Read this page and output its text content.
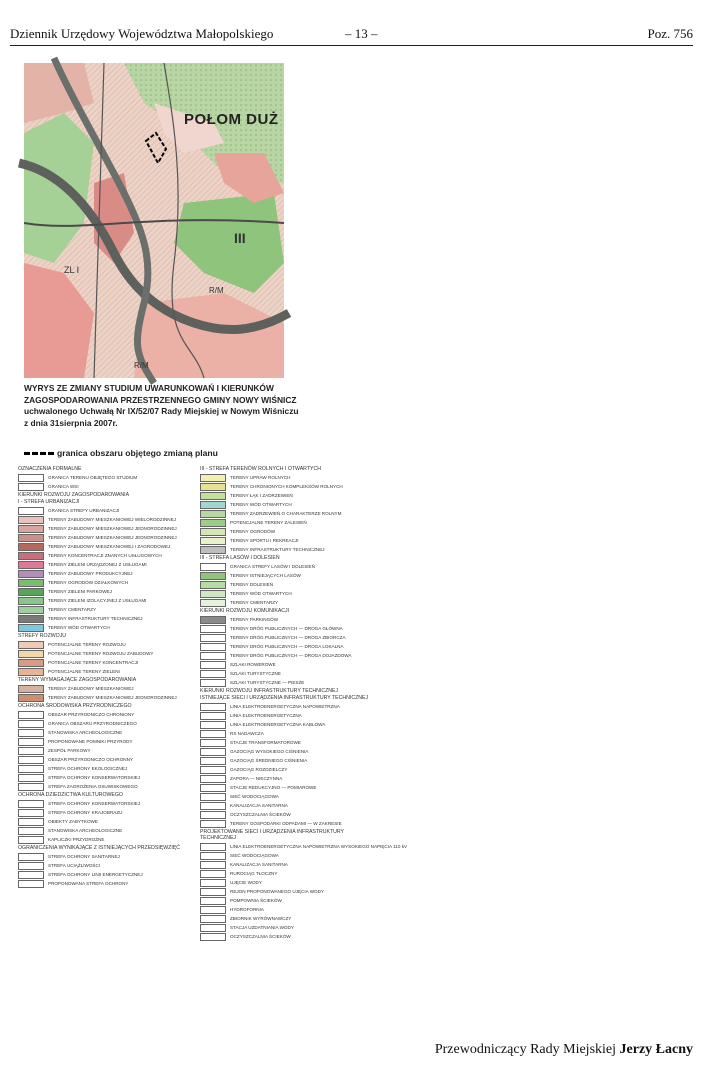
Dziennik Urzędowy Województwa Małopolskiego	– 13 –	Poz. 756
III
ZL I
R/M
R/M
POŁOM DUŻ
WYRYS ZE ZMIANY STUDIUM UWARUNKOWAŃ I KIERUNKÓW
ZAGOSPODAROWANIA PRZESTRZENNEGO GMINY NOWY WIŚNICZ
uchwalonego Uchwałą Nr IX/52/07 Rady Miejskiej w Nowym Wiśniczu
z dnia 31sierpnia 2007r.
granica obszaru objętego zmianą planu
OZNACZENIA FORMALNE
GRANICA TERENU OBJĘTEGO STUDIUM
GRANICA WSI
KIERUNKI ROZWOJU ZAGOSPODAROWANIA
I - STREFA URBANIZACJI
GRANICA STREFY URBANIZACJI
TERENY ZABUDOWY MIESZKANIOWEJ WIELORODZINNEJ
TERENY ZABUDOWY MIESZKANIOWEJ JEDNORODZINNEJ
TERENY ZABUDOWY MIESZKANIOWEJ JEDNORODZINNEJ
TERENY ZABUDOWY MIESZKANIOWEJ I ZAGRODOWEJ
TERENY KONCENTRACJI ZNANYCH USŁUGOWYCH
TERENY ZIELENI URZĄDZONEJ Z USŁUGAMI
TERENY ZABUDOWY PRODUKCYJNEJ
TERENY OGRODÓW DZIAŁKOWYCH
TERENY ZIELENI PARKOWEJ
TERENY ZIELENI IZOLACYJNEJ Z USŁUGAMI
TERENY CMENTARZY
TERENY INFRASTRUKTURY TECHNICZNEJ
TERENY WÓD OTWARTYCH
STREFY ROZWOJU
POTENCJALNE TERENY ROZWOJU
POTENCJALNE TERENY ROZWOJU ZABUDOWY
POTENCJALNE TERENY KONCENTRACJI
POTENCJALNE TERENY ZIELENI
TERENY WYMAGAJĄCE ZAGOSPODAROWANIA
TERENY ZABUDOWY MIESZKANIOWEJ
TERENY ZABUDOWY MIESZKANIOWEJ JEDNORODZINNEJ
OCHRONA ŚRODOWISKA PRZYRODNICZEGO
OBSZAR PRZYRODNICZO CHRONIONY
GRANICA OBSZARU PRZYRODNICZEGO
STANOWISKA ARCHEOLOGICZNE
PROPONOWANE POMNIKI PRZYRODY
ZESPÓŁ PARKOWY
OBSZAR PRZYRODNICZO OCHRONNY
STREFA OCHRONY EKOLOGICZNEJ
STREFA OCHRONY KONSERWATORSKIEJ
STREFA ZAGROŻENIA OSUWISKOWEGO
OCHRONA DZIEDZICTWA KULTUROWEGO
STREFA OCHRONY KONSERWATORSKIEJ
STREFA OCHRONY KRAJOBRAZU
OBIEKTY ZABYTKOWE
STANOWISKA ARCHEOLOGICZNE
KAPLICZKI PRZYDROŻNE
OGRANICZENIA WYNIKAJĄCE Z ISTNIEJĄCYCH PRZEDSIĘWZIĘĆ
STREFA OCHRONY SANITARNEJ
STREFA UCIĄŻLIWOŚCI
STREFA OCHRONY LINII ENERGETYCZNEJ
PROPONOWANA STREFA OCHRONY
III - STREFA TERENÓW ROLNYCH I OTWARTYCH
TERENY UPRAW ROLNYCH
TERENY CHRONIONYCH KOMPLEKSÓW ROLNYCH
TERENY ŁĄK I ZADRZEWIEŃ
TERENY WÓD OTWARTYCH
TERENY ZADRZEWIEŃ O CHARAKTERZE ROLNYM
POTENCJALNE TERENY ZALESIEŃ
TERENY OGRODÓW
TERENY SPORTU I REKREACJI
TERENY INFRASTRUKTURY TECHNICZNEJ
III - STREFA LASÓW I DOLESIEŃ
GRANICA STREFY LASÓW I DOLESIEŃ
TERENY ISTNIEJĄCYCH LASÓW
TERENY DOLESIEŃ
TERENY WÓD OTWARTYCH
TERENY CMENTARZY
KIERUNKI ROZWOJU KOMUNIKACJI
TERENY PARKINGÓW
TERENY DRÓG PUBLICZNYCH — DROGA GŁÓWNA
TERENY DRÓG PUBLICZNYCH — DROGA ZBIORCZA
TERENY DRÓG PUBLICZNYCH — DROGA LOKALNA
TERENY DRÓG PUBLICZNYCH — DROGA DOJAZDOWA
SZLAKI ROWEROWE
SZLAKI TURYSTYCZNE
SZLAKI TURYSTYCZNE — PIESZE
KIERUNKI ROZWOJU INFRASTRUKTURY TECHNICZNEJ
ISTNIEJĄCE SIECI I URZĄDZENIA INFRASTRUKTURY TECHNICZNEJ
LINIA ELEKTROENERGETYCZNA NAPOWIETRZNA
LINIA ELEKTROENERGETYCZNA
LINIA ELEKTROENERGETYCZNA KABLOWA
RS NADAWCZA
STACJE TRANSFORMATOROWE
GAZOCIĄG WYSOKIEGO CIŚNIENIA
GAZOCIĄG ŚREDNIEGO CIŚNIENIA
GAZOCIĄG ROZDZIELCZY
ZAPORA — NIECZYNNA
STACJE REDUKCYJNO — POMIAROWE
SIEĆ WODOCIĄGOWA
KANALIZACJA SANITARNA
OCZYSZCZALNIA ŚCIEKÓW
TERENY GOSPODARKI ODPADAMI — W ZAKRESIE
PROJEKTOWANE SIECI I URZĄDZENIA INFRASTRUKTURY TECHNICZNEJ
LINIA ELEKTROENERGETYCZNA NAPOWIETRZNA WYSOKIEGO NAPIĘCIA 110 kV
SIEĆ WODOCIĄGOWA
KANALIZACJA SANITARNA
RUROCIĄG TŁOCZNY
UJĘCIE WODY
REJON PROPONOWANEGO UJĘCIA WODY
POMPOWNIA ŚCIEKÓW
HYDROFORNIA
ZBIORNIK WYRÓWNAWCZY
STACJA UZDATNIANIA WODY
OCZYSZCZALNIA ŚCIEKÓW
Przewodniczący Rady Miejskiej Jerzy Łacny
